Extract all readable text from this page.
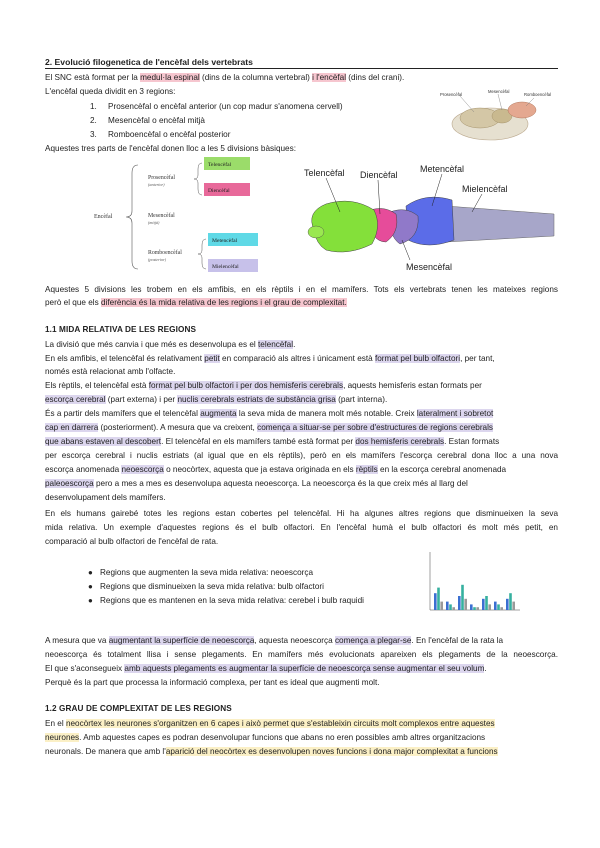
2. Evolució filogenetica de l'encèfal dels vertebrats
El SNC està format per la medul·la espinal (dins de la columna vertebral) i l'encèfal (dins del crani).
L'encèfal queda dividit en 3 regions:
1. Prosencèfal o encèfal anterior (un cop madur s'anomena cervell)
2. Mesencèfal o encèfal mitjà
3. Romboencèfal o encèfal posterior
Aquestes tres parts de l'encèfal donen lloc a les 5 divisions bàsiques:
Prosencèfal
Mesencèfal
Romboencèfal
Encèfal
Prosencèfal
(anterior)
Mesencèfal
(mitjà)
Romboencèfal
(posterior)
Telencèfal
Diencèfal
Metencèfal
Mielencèfal
Telencèfal Diencèfal
Metencèfal
Mielencèfal
Mesencèfal
Aquestes 5 divisions les trobem en els amfibis, en els rèptils i en el mamífers. Tots els vertebrats tenen les mateixes regions
però el que els diferència és la mida relativa de les regions i el grau de complexitat.
1.1 MIDA RELATIVA DE LES REGIONS
La divisió que més canvia i que més es desenvolupa es el telencèfal.
En els amfibis, el telencèfal és relativament petit en comparació als altres i únicament està format pel bulb olfactori, per tant,
només està relacionat amb l'olfacte.
Els rèptils, el telencèfal està format pel bulb olfactori i per dos hemisferis cerebrals, aquests hemisferis estan formats per
escorça cerebral (part externa) i per nuclis cerebrals estriats de substància grisa (part interna).
És a partir dels mamífers que el telencèfal augmenta la seva mida de manera molt més notable. Creix lateralment i sobretot
cap en darrera (posteriorment). A mesura que va creixent, comença a situar-se per sobre d'estructures de regions cerebrals
que abans estaven al descobert. El telencèfal en els mamífers també està format per dos hemisferis cerebrals. Estan formats
per escorça cerebral i nuclis estriats (al igual que en els rèptils), però en els mamífers l'escorça cerebral dona lloc a una nova
escorça anomenada neoescorça o neocòrtex, aquesta que ja estava originada en els rèptils en la escorça cerebral anomenada
paleoescorça pero a mes a mes es desenvolupa aquesta neoescorça. La neoescorça és la que creix més al llarg del
desenvolupament dels mamífers.
En els humans gairebé totes les regions estan cobertes pel telencèfal. Hi ha algunes altres regions que disminueixen la seva
mida relativa. Un exemple d'aquestes regions és el bulb olfactori. En l'encèfal humà el bulb olfactori és molt més petit, en
comparació al bulb olfactori de l'encèfal de rata.
● Regions que augmenten la seva mida relativa: neoescorça
● Regions que disminueixen la seva mida relativa: bulb olfactori
● Regions que es mantenen en la seva mida relativa: cerebel i bulb raquidi
A mesura que va augmentant la superfície de neoescorça, aquesta neoescorça comença a plegar-se. En l'encèfal de la rata la
neoescorça és totalment llisa i sense plegaments. En mamífers més evolucionats apareixen els plegaments de la neoescorça.
El que s'aconsegueix amb aquests plegaments es augmentar la superfície de neoescorça sense augmentar el seu volum.
Perquè és la part que processa la informació complexa, per tant es ideal que augmenti molt.
1.2 GRAU DE COMPLEXITAT DE LES REGIONS
En el neocòrtex les neurones s'organitzen en 6 capes i això permet que s'estableixin circuits molt complexos entre aquestes
neurones. Amb aquestes capes es podran desenvolupar funcions que abans no eren possibles amb altres organitzacions
neuronals. De manera que amb l'aparició del neocòrtex es desenvolupen noves funcions i dona major complexitat a funcions
